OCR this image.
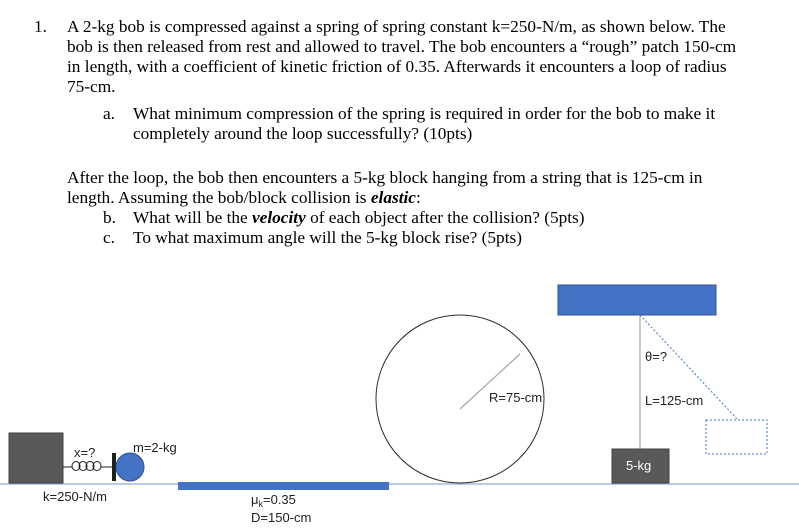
1. A 2-kg bob is compressed against a spring of spring constant k=250-N/m, as shown below. The
bob is then released from rest and allowed to travel. The bob encounters a “rough” patch 150-cm
in length, with a coefficient of kinetic friction of 0.35. Afterwards it encounters a loop of radius
75-cm.
a. What minimum compression of the spring is required in order for the bob to make it
completely around the loop successfully? (10pts)
After the loop, the bob then encounters a 5-kg block hanging from a string that is 125-cm in
length. Assuming the bob/block collision is elastic:
b. What will be the velocity of each object after the collision? (5pts)
c. To what maximum angle will the 5-kg block rise? (5pts)
x=?
k=250-N/m
m=2-kg
$\mu_k=0.35$
D=150-cm
R=75-cm
θ=?
L=125-cm
5-kg
